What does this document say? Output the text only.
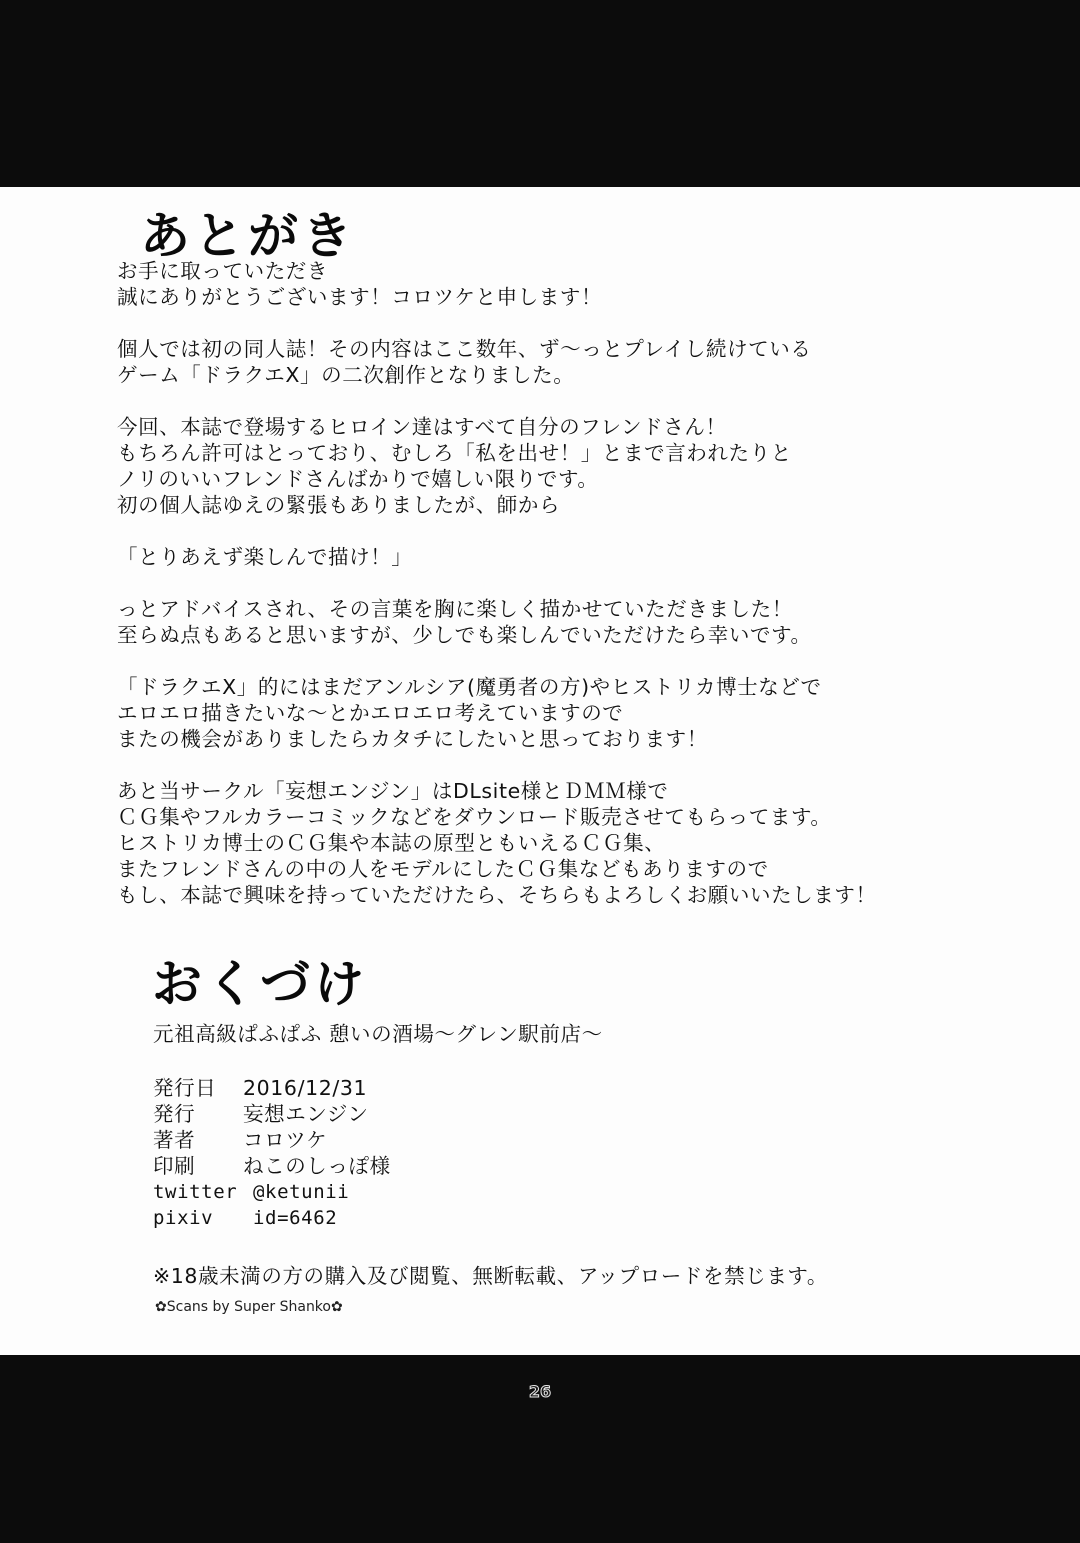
あとがき
お手に取っていただき
誠にありがとうございます！コロツケと申します！
個人では初の同人誌！その内容はここ数年、ず～っとプレイし続けている
ゲーム「ドラクエX」の二次創作となりました。
今回、本誌で登場するヒロイン達はすべて自分のフレンドさん！
もちろん許可はとっており、むしろ「私を出せ！」とまで言われたりと
ノリのいいフレンドさんばかりで嬉しい限りです。
初の個人誌ゆえの緊張もありましたが、師から
「とりあえず楽しんで描け！」
っとアドバイスされ、その言葉を胸に楽しく描かせていただきました！
至らぬ点もあると思いますが、少しでも楽しんでいただけたら幸いです。
「ドラクエX」的にはまだアンルシア(魔勇者の方)やヒストリカ博士などで
エロエロ描きたいな～とかエロエロ考えていますので
またの機会がありましたらカタチにしたいと思っております！
あと当サークル「妄想エンジン」はDLsite様とＤＭＭ様で
ＣＧ集やフルカラーコミックなどをダウンロード販売させてもらってます。
ヒストリカ博士のＣＧ集や本誌の原型ともいえるＣＧ集、
またフレンドさんの中の人をモデルにしたＣＧ集などもありますので
もし、本誌で興味を持っていただけたら、そちらもよろしくお願いいたします！
おくづけ
元祖高級ぱふぱふ 憩いの酒場～グレン駅前店～
発行日	2016/12/31
発行	妄想エンジン
著者	コロツケ
印刷	ねこのしっぽ様
twitter @ketunii
pixiv	id=6462
※18歳未満の方の購入及び閲覧、無断転載、アップロードを禁じます。
✿Scans by Super Shanko✿
26
